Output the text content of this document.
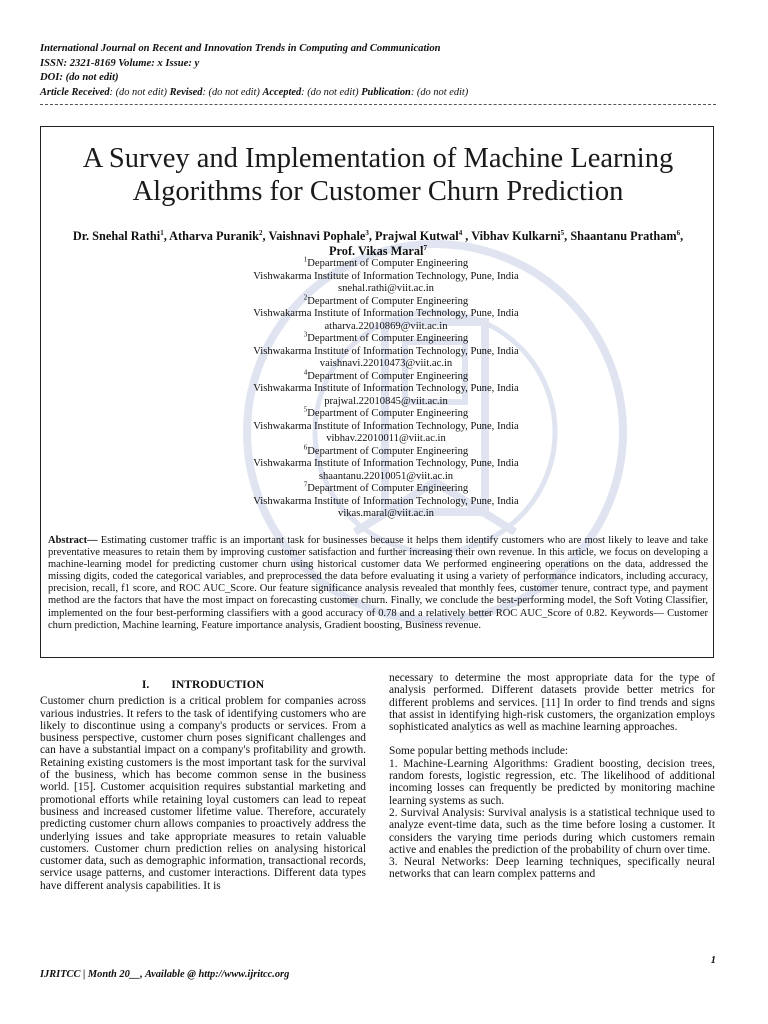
International Journal on Recent and Innovation Trends in Computing and Communication
ISSN: 2321-8169 Volume: x Issue: y
DOI: (do not edit)
Article Received: (do not edit) Revised: (do not edit) Accepted: (do not edit) Publication: (do not edit)
A Survey and Implementation of Machine Learning
Algorithms for Customer Churn Prediction
Dr. Snehal Rathi$^1$, Atharva Puranik$^2$, Vaishnavi Pophale$^3$, Prajwal Kutwal$^4$ , Vibhav Kulkarni$^5$, Shaantanu Pratham$^6$, Prof. Vikas Maral$^7$
$^1$Department of Computer Engineering
Vishwakarma Institute of Information Technology, Pune, India
snehal.rathi@viit.ac.in
$^2$Department of Computer Engineering
Vishwakarma Institute of Information Technology, Pune, India
atharva.22010869@viit.ac.in
$^3$Department of Computer Engineering
Vishwakarma Institute of Information Technology, Pune, India
vaishnavi.22010473@viit.ac.in
$^4$Department of Computer Engineering
Vishwakarma Institute of Information Technology, Pune, India
prajwal.22010845@viit.ac.in
$^5$Department of Computer Engineering
Vishwakarma Institute of Information Technology, Pune, India
vibhav.22010011@viit.ac.in
$^6$Department of Computer Engineering
Vishwakarma Institute of Information Technology, Pune, India
shaantanu.22010051@viit.ac.in
$^7$Department of Computer Engineering
Vishwakarma Institute of Information Technology, Pune, India
vikas.maral@viit.ac.in
Abstract— Estimating customer traffic is an important task for businesses because it helps them identify customers who are most likely to leave and take preventative measures to retain them by improving customer satisfaction and further increasing their own revenue. In this article, we focus on developing a machine-learning model for predicting customer churn using historical customer data We performed engineering operations on the data, addressed the missing digits, coded the categorical variables, and preprocessed the data before evaluating it using a variety of performance indicators, including accuracy, precision, recall, f1 score, and ROC AUC_Score. Our feature significance analysis revealed that monthly fees, customer tenure, contract type, and payment method are the factors that have the most impact on forecasting customer churn. Finally, we conclude the best-performing model, the Soft Voting Classifier, implemented on the four best-performing classifiers with a good accuracy of 0.78 and a relatively better ROC AUC_Score of 0.82. Keywords— Customer churn prediction, Machine learning, Feature importance analysis, Gradient boosting, Business revenue.
I. INTRODUCTION

Customer churn prediction is a critical problem for companies across various industries. It refers to the task of identifying customers who are likely to discontinue using a company's products or services. From a business perspective, customer churn poses significant challenges and can have a substantial impact on a company's profitability and growth. Retaining existing customers is the most important task for the survival of the business, which has become common sense in the business world. [15]. Customer acquisition requires substantial marketing and promotional efforts while retaining loyal customers can lead to repeat business and increased customer lifetime value. Therefore, accurately predicting customer churn allows companies to proactively address the underlying issues and take appropriate measures to retain valuable customers. Customer churn prediction relies on analysing historical customer data, such as demographic information, transactional records, service usage patterns, and customer interactions. Different data types have different analysis capabilities. It is

necessary to determine the most appropriate data for the type of analysis performed. Different datasets provide better metrics for different problems and services. [11] In order to find trends and signs that assist in identifying high-risk customers, the organization employs sophisticated analytics as well as machine learning approaches.

Some popular betting methods include:

1. Machine-Learning Algorithms: Gradient boosting, decision trees, random forests, logistic regression, etc. The likelihood of additional incoming losses can frequently be predicted by monitoring machine learning systems as such.

2. Survival Analysis: Survival analysis is a statistical technique used to analyze event-time data, such as the time before losing a customer. It considers the varying time periods during which customers remain active and enables the prediction of the probability of churn over time.

3. Neural Networks: Deep learning techniques, specifically neural networks that can learn complex patterns and

1
IJRITCC | Month 20__, Available @ http://www.ijritcc.org
